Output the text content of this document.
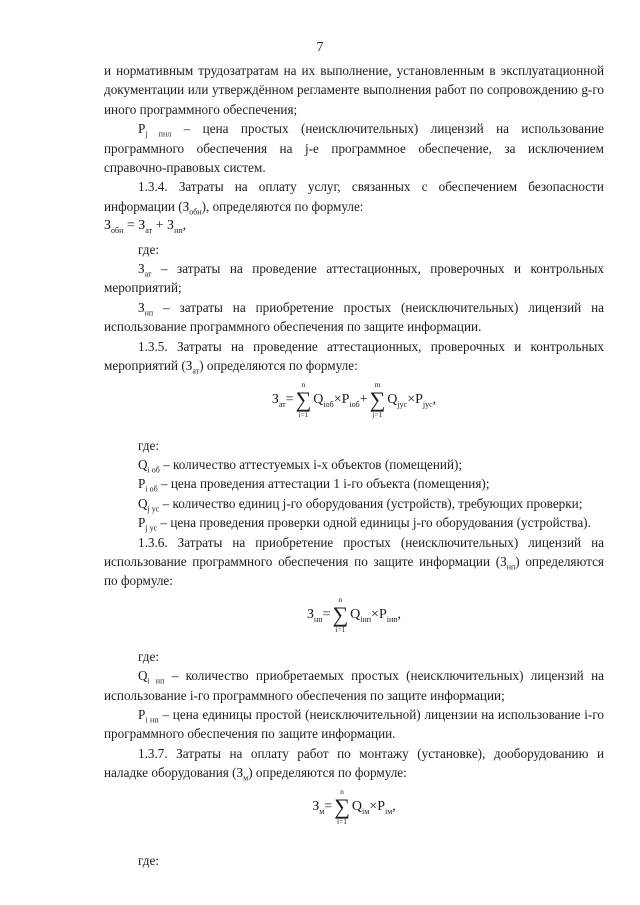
7

и нормативным трудозатратам на их выполнение, установленным в эксплуатационной документации или утверждённом регламенте выполнения работ по сопровождению g-го иного программного обеспечения;

$P_{j пнл}$ – цена простых (неисключительных) лицензий на использование программного обеспечения на j-е программное обеспечение, за исключением справочно-правовых систем.

1.3.4. Затраты на оплату услуг, связанных с обеспечением безопасности информации $(З_{обн})$, определяются по формуле:

$З_{обн} = З_{ат} + З_{нп}$,

где:

$З_{ат}$ – затраты на проведение аттестационных, проверочных и контрольных мероприятий;

$З_{нп}$ – затраты на приобретение простых (неисключительных) лицензий на использование программного обеспечения по защите информации.

1.3.5. Затраты на проведение аттестационных, проверочных и контрольных мероприятий $(З_{ат})$ определяются по формуле:

$З_{ат}=$
n
∑
i=1
$Q_{iоб}\times P_{iоб}+$
m
∑
j=1
$Q_{jус}\times P_{jус}$,

где:

$Q_{i об}$ – количество аттестуемых i-х объектов (помещений);

$P_{i об}$ – цена проведения аттестации 1 i-го объекта (помещения);

$Q_{j ус}$ – количество единиц j-го оборудования (устройств), требующих проверки;

$P_{j ус}$ – цена проведения проверки одной единицы j-го оборудования (устройства).

1.3.6. Затраты на приобретение простых (неисключительных) лицензий на использование программного обеспечения по защите информации $(З_{нп})$ определяются по формуле:

$З_{нп}=$
n
∑
i=1
$Q_{iнп}\times P_{iнп}$,

где:

$Q_{i нп}$ – количество приобретаемых простых (неисключительных) лицензий на использование i-го программного обеспечения по защите информации;

$P_{i нп}$ – цена единицы простой (неисключительной) лицензии на использование i-го программного обеспечения по защите информации.

1.3.7. Затраты на оплату работ по монтажу (установке), дооборудованию и наладке оборудования $(З_м)$ определяются по формуле:

$З_м=$
n
∑
i=1
$Q_{iм}\times P_{iм}$,

где:
